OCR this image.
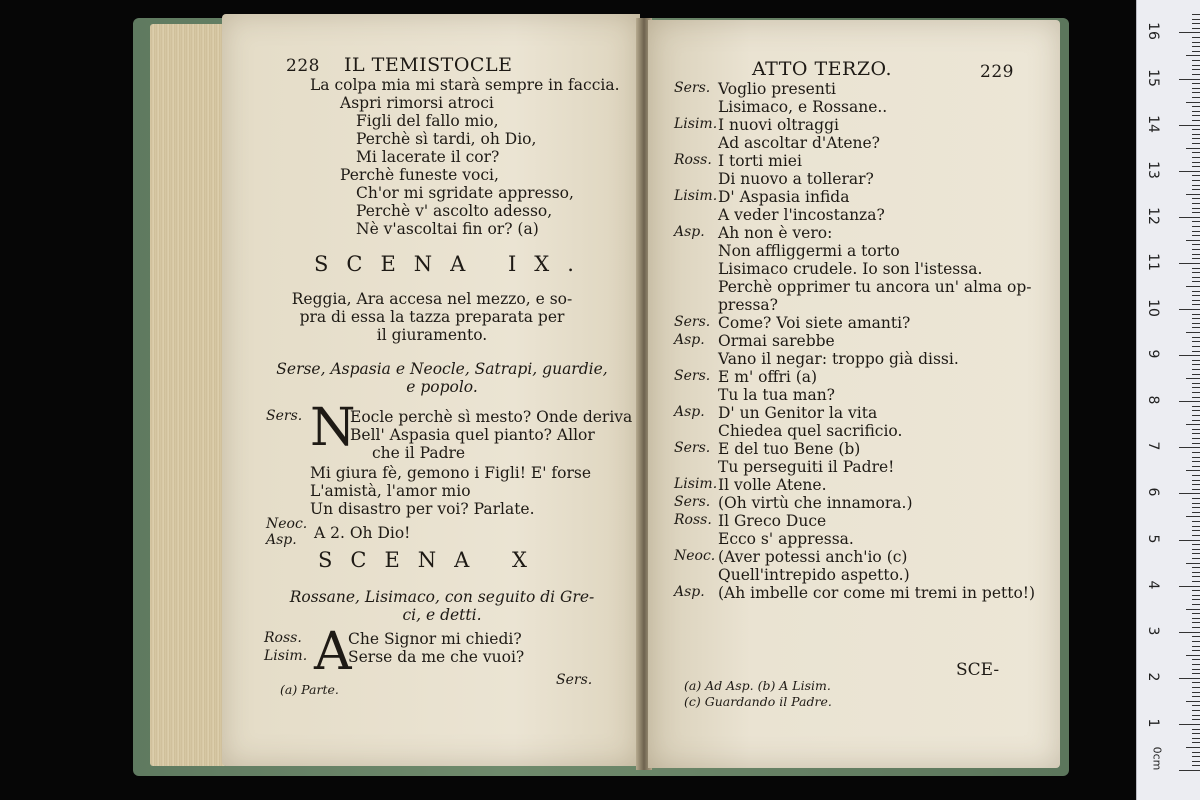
228 IL TEMISTOCLE
La colpa mia mi starà sempre in faccia.
Aspri rimorsi atroci
Figli del fallo mio,
Perchè sì tardi, oh Dio,
Mi lacerate il cor?
Perchè funeste voci,
Ch'or mi sgridate appresso,
Perchè v' ascolto adesso,
Nè v'ascoltai fin or? (a)
SCENA IX.
Reggia, Ara accesa nel mezzo, e so-
pra di essa la tazza preparata per
il giuramento.
Serse, Aspasia e Neocle, Satrapi, guardie,
e popolo.
Sers. N
Eocle perchè sì mesto? Onde deriva
Bell' Aspasia quel pianto? Allor
che il Padre
Mi giura fè, gemono i Figli! E' forse
L'amistà, l'amor mio
Un disastro per voi? Parlate.
Neoc.
Asp. A 2. Oh Dio!
SCENA X
Rossane, Lisimaco, con seguito di Gre-
ci, e detti.
Ross.
Lisim. A
Che Signor mi chiedi?
Serse da me che vuoi?
(a) Parte.
Sers.
ATTO TERZO.	229
Sers. Voglio presenti
Lisimaco, e Rossane..
Lisim. I nuovi oltraggi
Ad ascoltar d'Atene?
Ross. I torti miei
Di nuovo a tollerar?
Lisim. D' Aspasia infida
A veder l'incostanza?
Asp. Ah non è vero:
Non affliggermi a torto
Lisimaco crudele. Io son l'istessa.
Perchè opprimer tu ancora un' alma op-
pressa?
Sers. Come? Voi siete amanti?
Asp. Ormai sarebbe
Vano il negar: troppo già dissi.
Sers. E m' offri (a)
Tu la tua man?
Asp. D' un Genitor la vita
Chiedea quel sacrificio.
Sers. E del tuo Bene (b)
Tu perseguiti il Padre!
Lisim. Il volle Atene.
Sers. (Oh virtù che innamora.)
Ross. Il Greco Duce
Ecco s' appressa.
Neoc. (Aver potessi anch'io (c)
Quell'intrepido aspetto.)
Asp. (Ah imbelle cor come mi tremi in petto!)
SCE-
(a) Ad Asp. (b) A Lisim.
(c) Guardando il Padre.
16
15
14
13
12
11
10
9
8
7
6
5
4
3
2
1
0cm
